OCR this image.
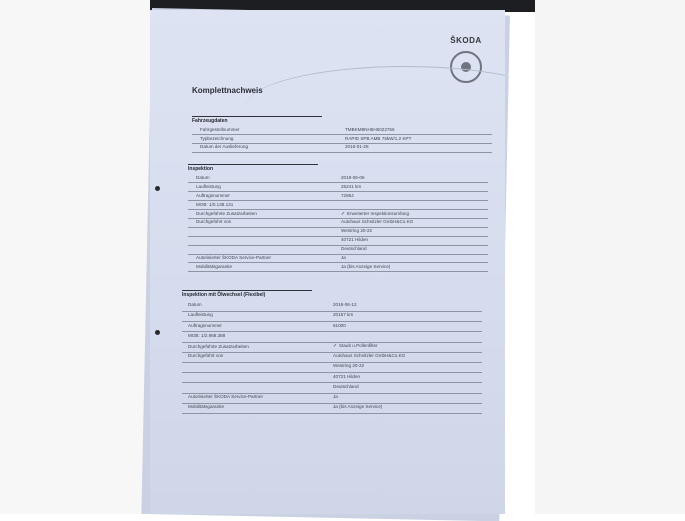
ŠKODA
Komplettnachweis
Fahrzeugdaten
Fahrgestellnummer	TMBKM9NH5H5022756
Typbezeichnung	RAPID SPB AMB 75kW/1.2 KPT
Datum der Auslieferung	2016-01-28
Inspektion
Datum	2019-06-06
Laufleistung	25241 km
Auftragsnummer	72854
MOB: 1/0.138.131
Durchgeführte Zusatzarbeiten	✓ Erweiterter Inspektionsumfang
Durchgeführt von	Autohaus Schnitzler GmbH&Co.KG
Westring 20-22
40721 Hilden
Deutschland
Autorisierter ŠKODA Service-Partner	Ja
Mobilitätsgarantie	Ja (bis Anzeige Service)
Inspektion mit Ölwechsel (Flexibel)
Datum	2018-06-12
Laufleistung	20157 km
Auftragsnummer	61000
MOB: 1/2.968.388
Durchgeführte Zusatzarbeiten	✓ Staub u.Pollenfilter
Durchgeführt von	Autohaus Schnitzler GmbH&Co.KG
Westring 20-22
40721 Hilden
Deutschland
Autorisierter ŠKODA Service-Partner	Ja
Mobilitätsgarantie	Ja (bis Anzeige Service)
